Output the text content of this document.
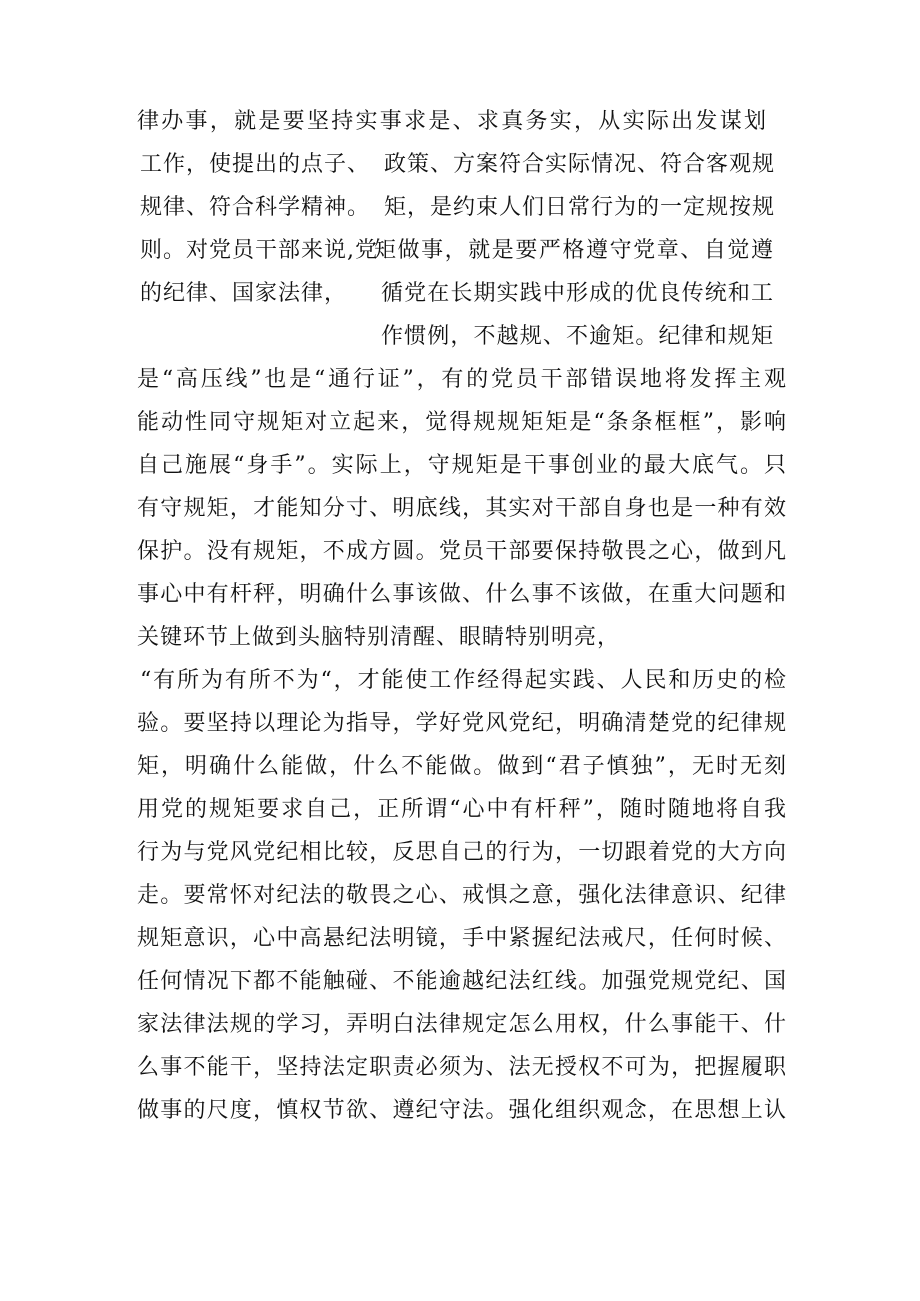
律办事，就是要坚持实事求是、求真务实，从实际出发谋划

工作，使提出的点子、

规律、符合科学精神。

则。对党员干部来说,党

的纪律、国家法律，

政策、方案符合实际情况、符合客观规

矩，是约束人们日常行为的一定规按规

矩做事，就是要严格遵守党章、自觉遵

循党在长期实践中形成的优良传统和工

作惯例，不越规、不逾矩。纪律和规矩

是“高压线”也是“通行证”，有的党员干部错误地将发挥主观

能动性同守规矩对立起来，觉得规规矩矩是“条条框框”，影响

自己施展“身手”。实际上，守规矩是干事创业的最大底气。只

有守规矩，才能知分寸、明底线，其实对干部自身也是一种有效

保护。没有规矩，不成方圆。党员干部要保持敬畏之心，做到凡

事心中有杆秤，明确什么事该做、什么事不该做，在重大问题和

关键环节上做到头脑特别清醒、眼睛特别明亮，

“有所为有所不为“，才能使工作经得起实践、人民和历史的检

验。要坚持以理论为指导，学好党风党纪，明确清楚党的纪律规

矩，明确什么能做，什么不能做。做到“君子慎独”，无时无刻

用党的规矩要求自己，正所谓“心中有杆秤”，随时随地将自我

行为与党风党纪相比较，反思自己的行为，一切跟着党的大方向

走。要常怀对纪法的敬畏之心、戒惧之意，强化法律意识、纪律

规矩意识，心中高悬纪法明镜，手中紧握纪法戒尺，任何时候、

任何情况下都不能触碰、不能逾越纪法红线。加强党规党纪、国

家法律法规的学习，弄明白法律规定怎么用权，什么事能干、什

么事不能干，坚持法定职责必须为、法无授权不可为，把握履职

做事的尺度，慎权节欲、遵纪守法。强化组织观念，在思想上认
